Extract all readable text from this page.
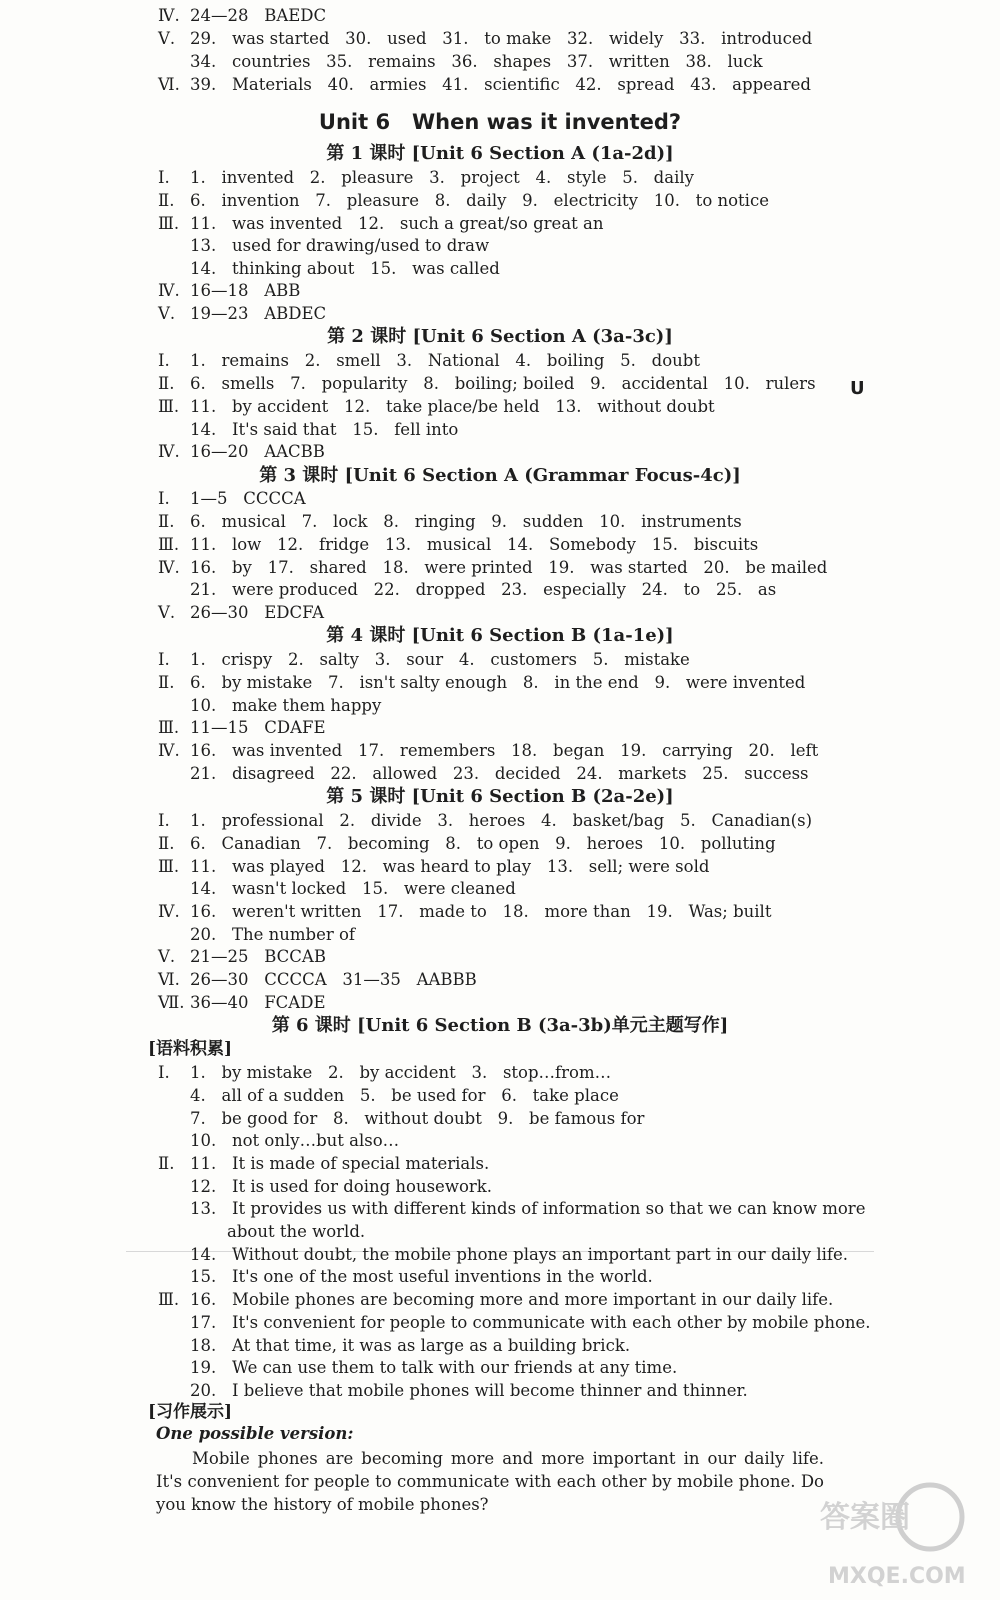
Ⅳ. 24—28   BAEDC
Ⅴ. 29.   was started   30.   used   31.   to make   32.   widely   33.   introduced
34.   countries   35.   remains   36.   shapes   37.   written   38.   luck
Ⅵ. 39.   Materials   40.   armies   41.   scientific   42.   spread   43.   appeared
Unit 6   When was it invented?
U
第 1 课时 [Unit 6 Section A (1a-2d)]
Ⅰ. 1.   invented   2.   pleasure   3.   project   4.   style   5.   daily
Ⅱ. 6.   invention   7.   pleasure   8.   daily   9.   electricity   10.   to notice
Ⅲ. 11.   was invented   12.   such a great/so great an
13.   used for drawing/used to draw
14.   thinking about   15.   was called
Ⅳ. 16—18   ABB
Ⅴ. 19—23   ABDEC
第 2 课时 [Unit 6 Section A (3a-3c)]
Ⅰ. 1.   remains   2.   smell   3.   National   4.   boiling   5.   doubt
Ⅱ. 6.   smells   7.   popularity   8.   boiling; boiled   9.   accidental   10.   rulers
Ⅲ. 11.   by accident   12.   take place/be held   13.   without doubt
14.   It's said that   15.   fell into
Ⅳ. 16—20   AACBB
第 3 课时 [Unit 6 Section A (Grammar Focus-4c)]
Ⅰ. 1—5   CCCCA
Ⅱ. 6.   musical   7.   lock   8.   ringing   9.   sudden   10.   instruments
Ⅲ. 11.   low   12.   fridge   13.   musical   14.   Somebody   15.   biscuits
Ⅳ. 16.   by   17.   shared   18.   were printed   19.   was started   20.   be mailed
21.   were produced   22.   dropped   23.   especially   24.   to   25.   as
Ⅴ. 26—30   EDCFA
第 4 课时 [Unit 6 Section B (1a-1e)]
Ⅰ. 1.   crispy   2.   salty   3.   sour   4.   customers   5.   mistake
Ⅱ. 6.   by mistake   7.   isn't salty enough   8.   in the end   9.   were invented
10.   make them happy
Ⅲ. 11—15   CDAFE
Ⅳ. 16.   was invented   17.   remembers   18.   began   19.   carrying   20.   left
21.   disagreed   22.   allowed   23.   decided   24.   markets   25.   success
第 5 课时 [Unit 6 Section B (2a-2e)]
Ⅰ. 1.   professional   2.   divide   3.   heroes   4.   basket/bag   5.   Canadian(s)
Ⅱ. 6.   Canadian   7.   becoming   8.   to open   9.   heroes   10.   polluting
Ⅲ. 11.   was played   12.   was heard to play   13.   sell; were sold
14.   wasn't locked   15.   were cleaned
Ⅳ. 16.   weren't written   17.   made to   18.   more than   19.   Was; built
20.   The number of
Ⅴ. 21—25   BCCAB
Ⅵ. 26—30   CCCCA   31—35   AABBB
Ⅶ. 36—40   FCADE
第 6 课时 [Unit 6 Section B (3a-3b)单元主题写作]
[语料积累]
Ⅰ. 1.   by mistake   2.   by accident   3.   stop…from…
4.   all of a sudden   5.   be used for   6.   take place
7.   be good for   8.   without doubt   9.   be famous for
10.   not only…but also…
Ⅱ. 11.   It is made of special materials.
12.   It is used for doing housework.
13.   It provides us with different kinds of information so that we can know more
about the world.
14.   Without doubt, the mobile phone plays an important part in our daily life.
15.   It's one of the most useful inventions in the world.
Ⅲ. 16.   Mobile phones are becoming more and more important in our daily life.
17.   It's convenient for people to communicate with each other by mobile phone.
18.   At that time, it was as large as a building brick.
19.   We can use them to talk with our friends at any time.
20.   I believe that mobile phones will become thinner and thinner.
[习作展示]
One possible version:

Mobile phones are becoming more and more important in our daily life. It's convenient for people to communicate with each other by mobile phone. Do you know the history of mobile phones?	答案圈
MXQE.COM
